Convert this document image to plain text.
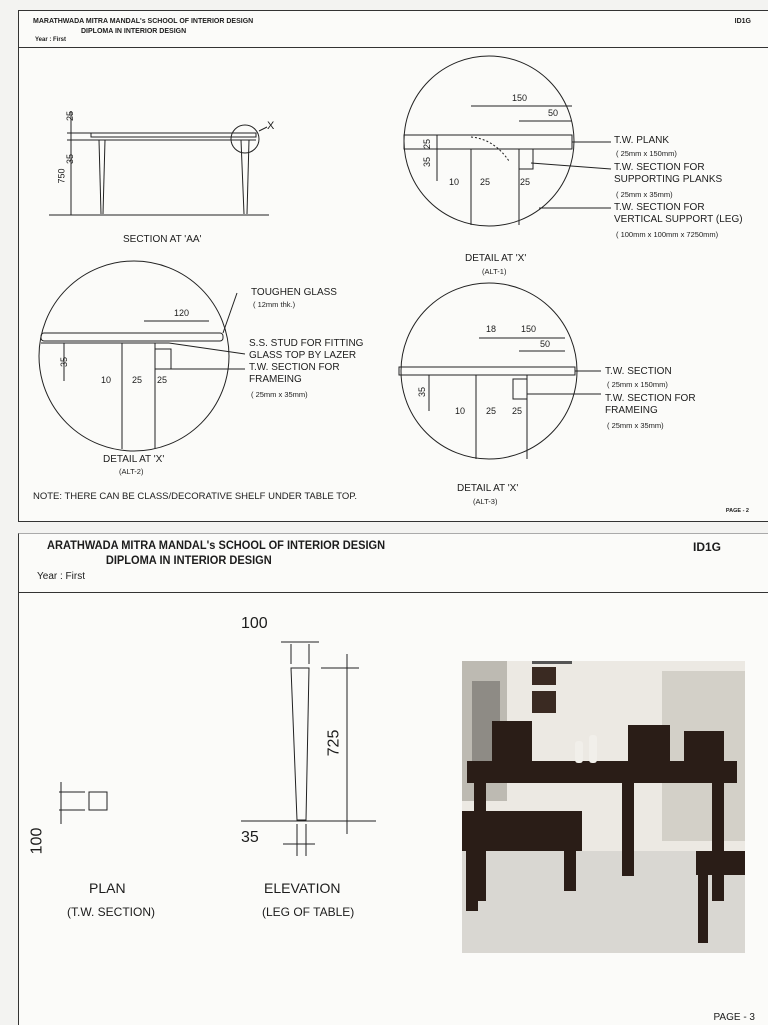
MARATHWADA MITRA MANDAL's SCHOOL OF INTERIOR DESIGN
DIPLOMA IN INTERIOR DESIGN
Year : First
ID1G
25
35
750
X
SECTION AT 'AA'
150
50
25
35
10 25	25
T.W. PLANK
( 25mm x 150mm)
T.W. SECTION FOR
SUPPORTING PLANKS
( 25mm x 35mm)
T.W. SECTION FOR
VERTICAL SUPPORT (LEG)
( 100mm x 100mm x 7250mm)
DETAIL AT 'X'
(ALT-1)
TOUGHEN GLASS
( 12mm thk.)
120
35
10 25 25
S.S. STUD FOR FITTING
GLASS TOP BY LAZER
T.W. SECTION FOR
FRAMEING
( 25mm x 35mm)
DETAIL AT 'X'
(ALT-2)
18	150
50
35
10 25 25
T.W. SECTION
( 25mm x 150mm)
T.W. SECTION FOR
FRAMEING
( 25mm x 35mm)
DETAIL AT 'X'
(ALT-3)
NOTE: THERE CAN BE CLASS/DECORATIVE SHELF UNDER TABLE TOP.
PAGE - 2
ARATHWADA MITRA MANDAL's SCHOOL OF INTERIOR DESIGN
DIPLOMA IN INTERIOR DESIGN
Year : First
ID1G
100
725
35
100
PLAN
(T.W. SECTION)
ELEVATION
(LEG OF TABLE)
PAGE - 3
